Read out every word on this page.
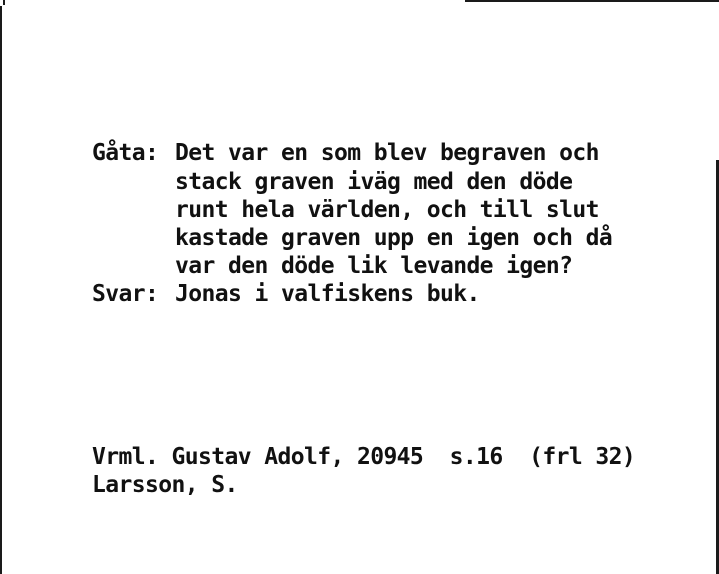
Gåta: Det var en som blev begraven och
stack graven iväg med den döde
runt hela världen, och till slut
kastade graven upp en igen och då
var den döde lik levande igen?
Svar: Jonas i valfiskens buk.
Vrml. Gustav Adolf, 20945  s.16  (frl 32)
Larsson, S.
